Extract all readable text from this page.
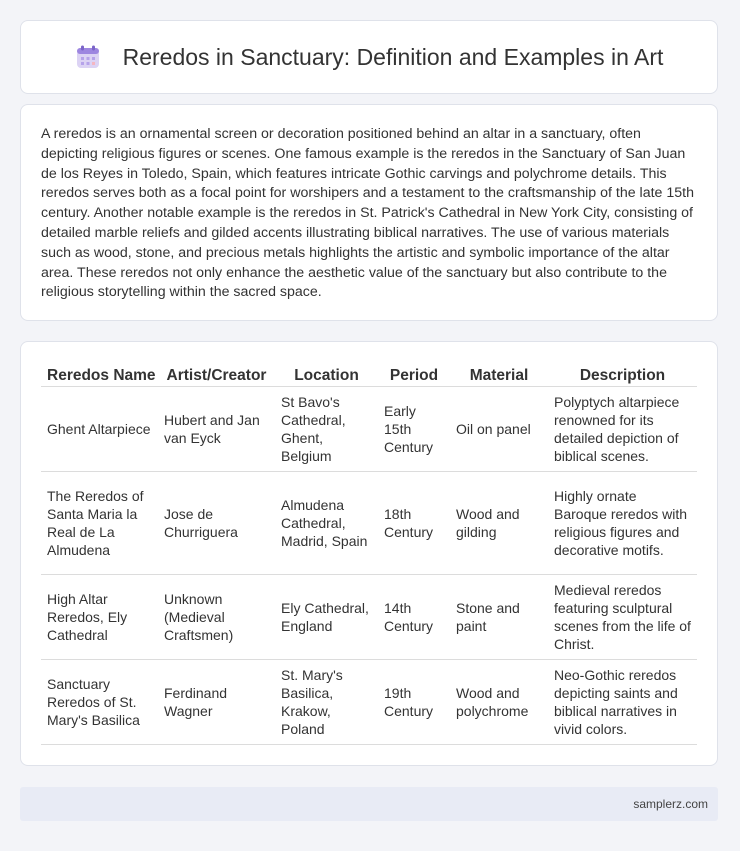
Reredos in Sanctuary: Definition and Examples in Art

A reredos is an ornamental screen or decoration positioned behind an altar in a sanctuary, often depicting religious figures or scenes. One famous example is the reredos in the Sanctuary of San Juan de los Reyes in Toledo, Spain, which features intricate Gothic carvings and polychrome details. This reredos serves both as a focal point for worshipers and a testament to the craftsmanship of the late 15th century. Another notable example is the reredos in St. Patrick's Cathedral in New York City, consisting of detailed marble reliefs and gilded accents illustrating biblical narratives. The use of various materials such as wood, stone, and precious metals highlights the artistic and symbolic importance of the altar area. These reredos not only enhance the aesthetic value of the sanctuary but also contribute to the religious storytelling within the sacred space.

Reredos Name	Artist/Creator	Location	Period	Material	Description
Ghent Altarpiece	Hubert and Jan van Eyck	St Bavo's Cathedral, Ghent, Belgium	Early 15th Century	Oil on panel	Polyptych altarpiece renowned for its detailed depiction of biblical scenes.
The Reredos of Santa Maria la Real de La Almudena	Jose de Churriguera	Almudena Cathedral, Madrid, Spain	18th Century	Wood and gilding	Highly ornate Baroque reredos with religious figures and decorative motifs.
High Altar Reredos, Ely Cathedral	Unknown (Medieval Craftsmen)	Ely Cathedral, England	14th Century	Stone and paint	Medieval reredos featuring sculptural scenes from the life of Christ.
Sanctuary Reredos of St. Mary's Basilica	Ferdinand Wagner	St. Mary's Basilica, Krakow, Poland	19th Century	Wood and polychrome	Neo-Gothic reredos depicting saints and biblical narratives in vivid colors.
samplerz.com
